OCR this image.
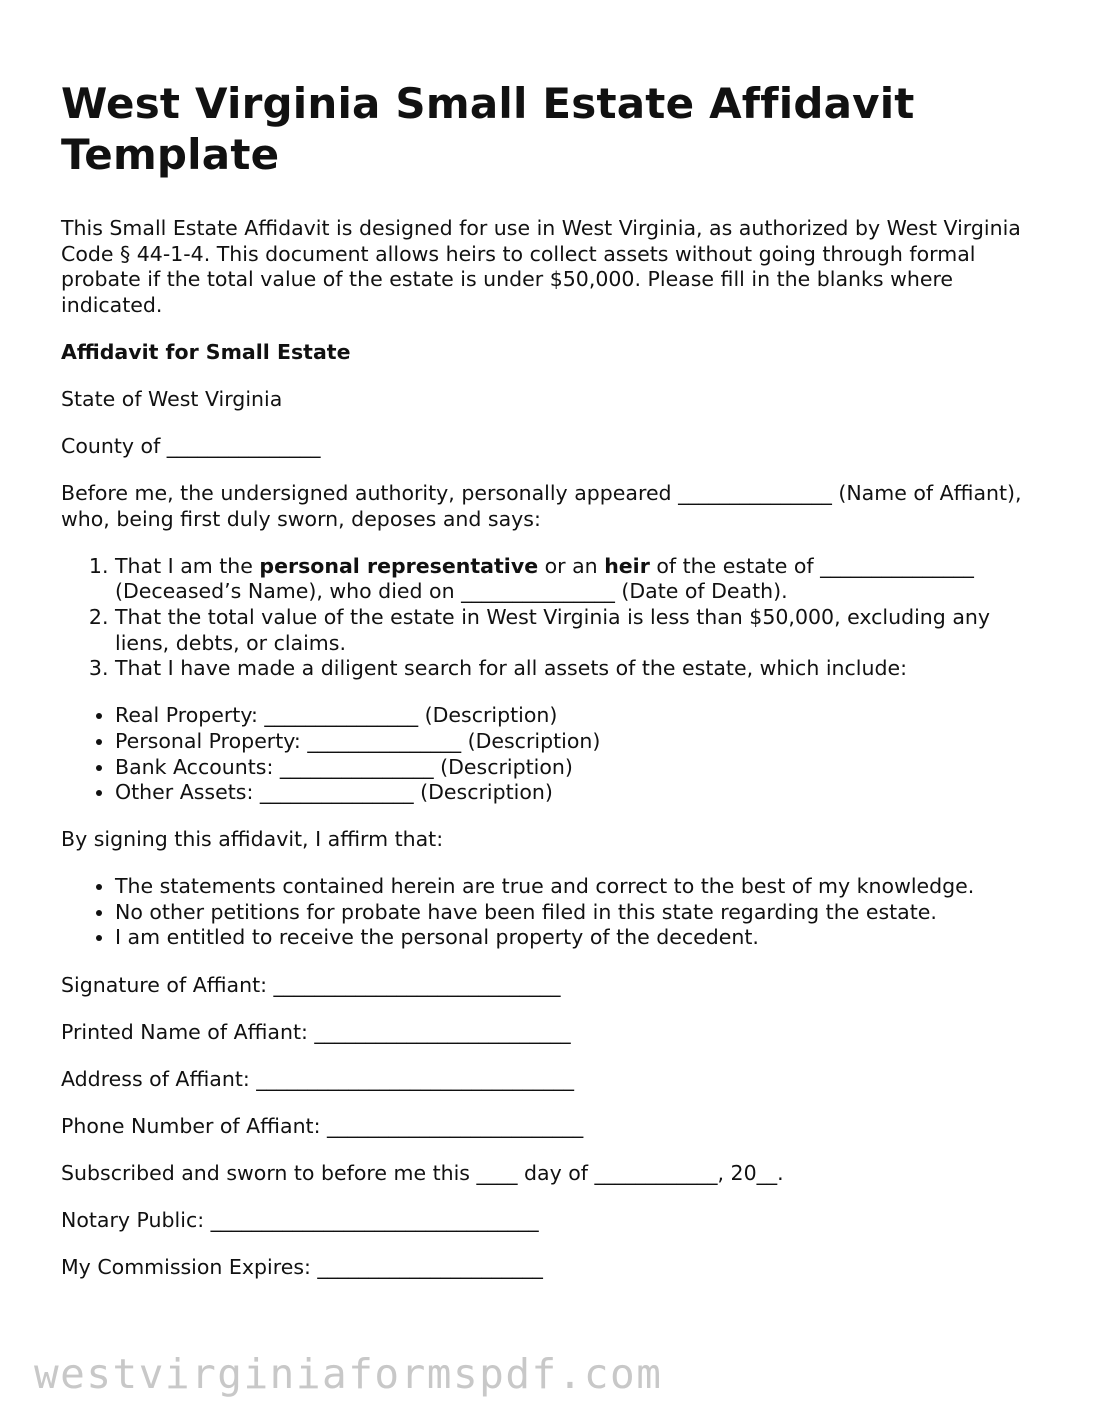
West Virginia Small Estate Affidavit Template

This Small Estate Affidavit is designed for use in West Virginia, as authorized by West Virginia Code § 44-1-4. This document allows heirs to collect assets without going through formal probate if the total value of the estate is under $50,000. Please fill in the blanks where indicated.

Affidavit for Small Estate

State of West Virginia

County of _______________

Before me, the undersigned authority, personally appeared _______________ (Name of Affiant), who, being first duly sworn, deposes and says:

1. That I am the personal representative or an heir of the estate of _______________ (Deceased’s Name), who died on _______________ (Date of Death).
2. That the total value of the estate in West Virginia is less than $50,000, excluding any liens, debts, or claims.
3. That I have made a diligent search for all assets of the estate, which include:
• Real Property: _______________ (Description)
• Personal Property: _______________ (Description)
• Bank Accounts: _______________ (Description)
• Other Assets: _______________ (Description)

By signing this affidavit, I affirm that:

• The statements contained herein are true and correct to the best of my knowledge.
• No other petitions for probate have been filed in this state regarding the estate.
• I am entitled to receive the personal property of the decedent.

Signature of Affiant: ____________________________

Printed Name of Affiant: _________________________

Address of Affiant: _______________________________

Phone Number of Affiant: _________________________

Subscribed and sworn to before me this ____ day of ____________, 20__.

Notary Public: ________________________________

My Commission Expires: ______________________

westvirginiaformspdf.com
